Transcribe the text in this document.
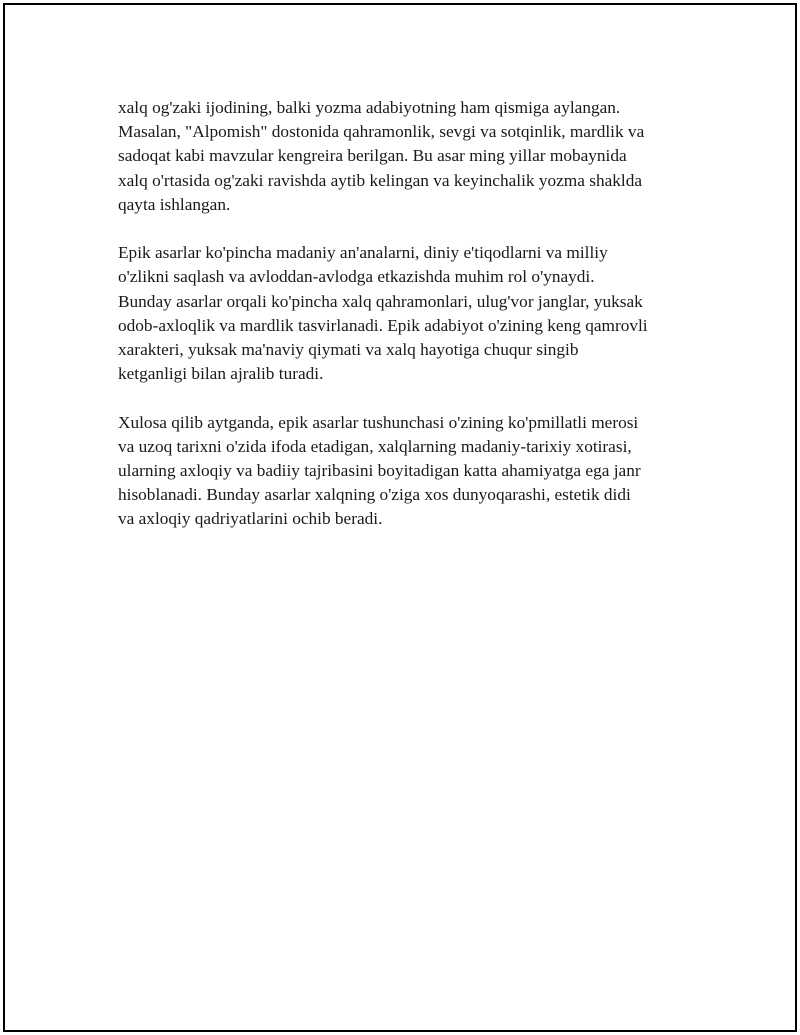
xalq og'zaki ijodining, balki yozma adabiyotning ham qismiga aylangan.
Masalan, "Alpomish" dostonida qahramonlik, sevgi va sotqinlik, mardlik va
sadoqat kabi mavzular kengreira berilgan. Bu asar ming yillar mobaynida
xalq o'rtasida og'zaki ravishda aytib kelingan va keyinchalik yozma shaklda
qayta ishlangan.

Epik asarlar ko'pincha madaniy an'analarni, diniy e'tiqodlarni va milliy
o'zlikni saqlash va avloddan-avlodga etkazishda muhim rol o'ynaydi.
Bunday asarlar orqali ko'pincha xalq qahramonlari, ulug'vor janglar, yuksak
odob-axloqlik va mardlik tasvirlanadi. Epik adabiyot o'zining keng qamrovli
xarakteri, yuksak ma'naviy qiymati va xalq hayotiga chuqur singib
ketganligi bilan ajralib turadi.

Xulosa qilib aytganda, epik asarlar tushunchasi o'zining ko'pmillatli merosi
va uzoq tarixni o'zida ifoda etadigan, xalqlarning madaniy-tarixiy xotirasi,
ularning axloqiy va badiiy tajribasini boyitadigan katta ahamiyatga ega janr
hisoblanadi. Bunday asarlar xalqning o'ziga xos dunyoqarashi, estetik didi
va axloqiy qadriyatlarini ochib beradi.
